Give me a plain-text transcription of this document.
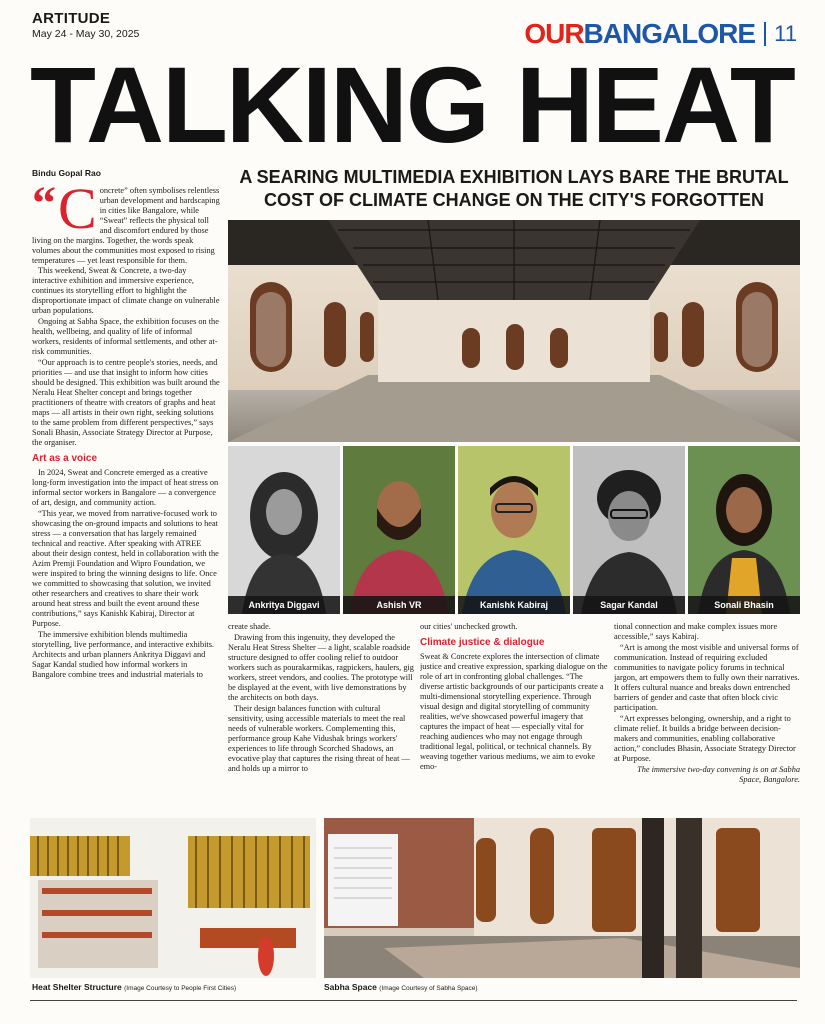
ARTITUDE
May 24 - May 30, 2025	OURBANGALORE 11
TALKING HEAT
Bindu Gopal Rao	A SEARING MULTIMEDIA EXHIBITION LAYS BARE THE BRUTAL COST OF CLIMATE CHANGE ON THE CITY'S FORGOTTEN
“ C oncrete” often symbolises relentless urban development and hardscaping in cities like Bangalore, while “Sweat” reflects the physical toll and discomfort endured by those living on the margins. Together, the words speak volumes about the communities most exposed to rising temperatures — yet least responsible for them.

This weekend, Sweat & Concrete, a two-day interactive exhibition and immersive experience, continues its storytelling effort to highlight the disproportionate impact of climate change on vulnerable urban populations.

Ongoing at Sabha Space, the exhibition focuses on the health, wellbeing, and quality of life of informal workers, residents of informal settlements, and other at-risk communities.

“Our approach is to centre people's stories, needs, and priorities — and use that insight to inform how cities should be designed. This exhibition was built around the Neralu Heat Shelter concept and brings together practitioners of theatre with creators of graphs and heat maps — all artists in their own right, seeking solutions to the same problem from different perspectives,” says Sonali Bhasin, Associate Strategy Director at Purpose, the organiser.

Art as a voice

In 2024, Sweat and Concrete emerged as a creative long-form investigation into the impact of heat stress on informal sector workers in Bangalore — a convergence of art, design, and community action.

“This year, we moved from narrative-focused work to showcasing the on-ground impacts and solutions to heat stress — a conversation that has largely remained technical and reactive. After speaking with ATREE about their design contest, held in collaboration with the Azim Premji Foundation and Wipro Foundation, we were inspired to bring the winning designs to life. Once we committed to showcasing that solution, we invited other researchers and creatives to share their work around heat stress and built the event around these contributions,” says Kanishk Kabiraj, Director at Purpose.

The immersive exhibition blends multimedia storytelling, live performance, and interactive exhibits. Architects and urban planners Ankritya Diggavi and Sagar Kandal studied how informal workers in Bangalore combine trees and industrial materials to

Ankritya Diggavi	Ashish VR	Kanishk Kabiraj	Sagar Kandal	Sonali Bhasin

create shade.

Drawing from this ingenuity, they developed the Neralu Heat Stress Shelter — a light, scalable roadside structure designed to offer cooling relief to outdoor workers such as pourakarmikas, ragpickers, haulers, gig workers, street vendors, and coolies. The prototype will be displayed at the event, with live demonstrations by the architects on both days.

Their design balances function with cultural sensitivity, using accessible materials to meet the real needs of vulnerable workers. Complementing this, performance group Kahe Vidushak brings workers' experiences to life through Scorched Shadows, an evocative play that captures the rising threat of heat — and holds up a mirror to

our cities' unchecked growth.

Climate justice & dialogue

Sweat & Concrete explores the intersection of climate justice and creative expression, sparking dialogue on the role of art in confronting global challenges. “The diverse artistic backgrounds of our participants create a multi-dimensional storytelling experience. Through visual design and digital storytelling of community realities, we've showcased powerful imagery that captures the impact of heat — especially vital for reaching audiences who may not engage through traditional legal, political, or technical channels. By weaving together various mediums, we aim to evoke emo-

tional connection and make complex issues more accessible,” says Kabiraj.

“Art is among the most visible and universal forms of communication. Instead of requiring excluded communities to navigate policy forums in technical jargon, art empowers them to fully own their narratives. It offers cultural nuance and breaks down entrenched barriers of gender and caste that often block civic participation.

“Art expresses belonging, ownership, and a right to climate relief. It builds a bridge between decision-makers and communities, enabling collaborative action,” concludes Bhasin, Associate Strategy Director at Purpose.

The immersive two-day convening is on at Sabha Space, Bangalore.

Heat Shelter Structure (Image Courtesy to People First Cities)	Sabha Space (Image Courtesy of Sabha Space)
